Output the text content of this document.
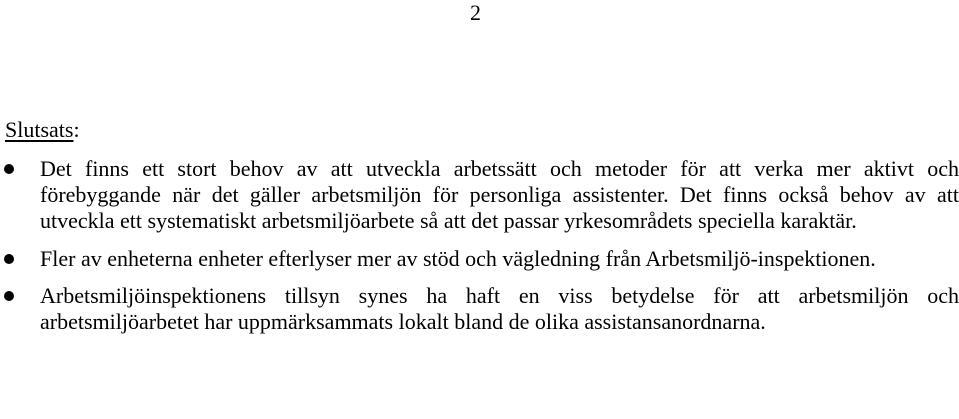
2
Slutsats:
Det finns ett stort behov av att utveckla arbetssätt och metoder för att verka mer aktivt och förebyggande när det gäller arbetsmiljön för personliga assistenter. Det finns också behov av att utveckla ett systematiskt arbetsmiljöarbete så att det passar yrkesområdets speciella karaktär.
Fler av enheterna enheter efterlyser mer av stöd och vägledning från Arbetsmiljö-inspektionen.
Arbetsmiljöinspektionens tillsyn synes ha haft en viss betydelse för att arbetsmiljön och arbetsmiljöarbetet har uppmärksammats lokalt bland de olika assistansanordnarna.
